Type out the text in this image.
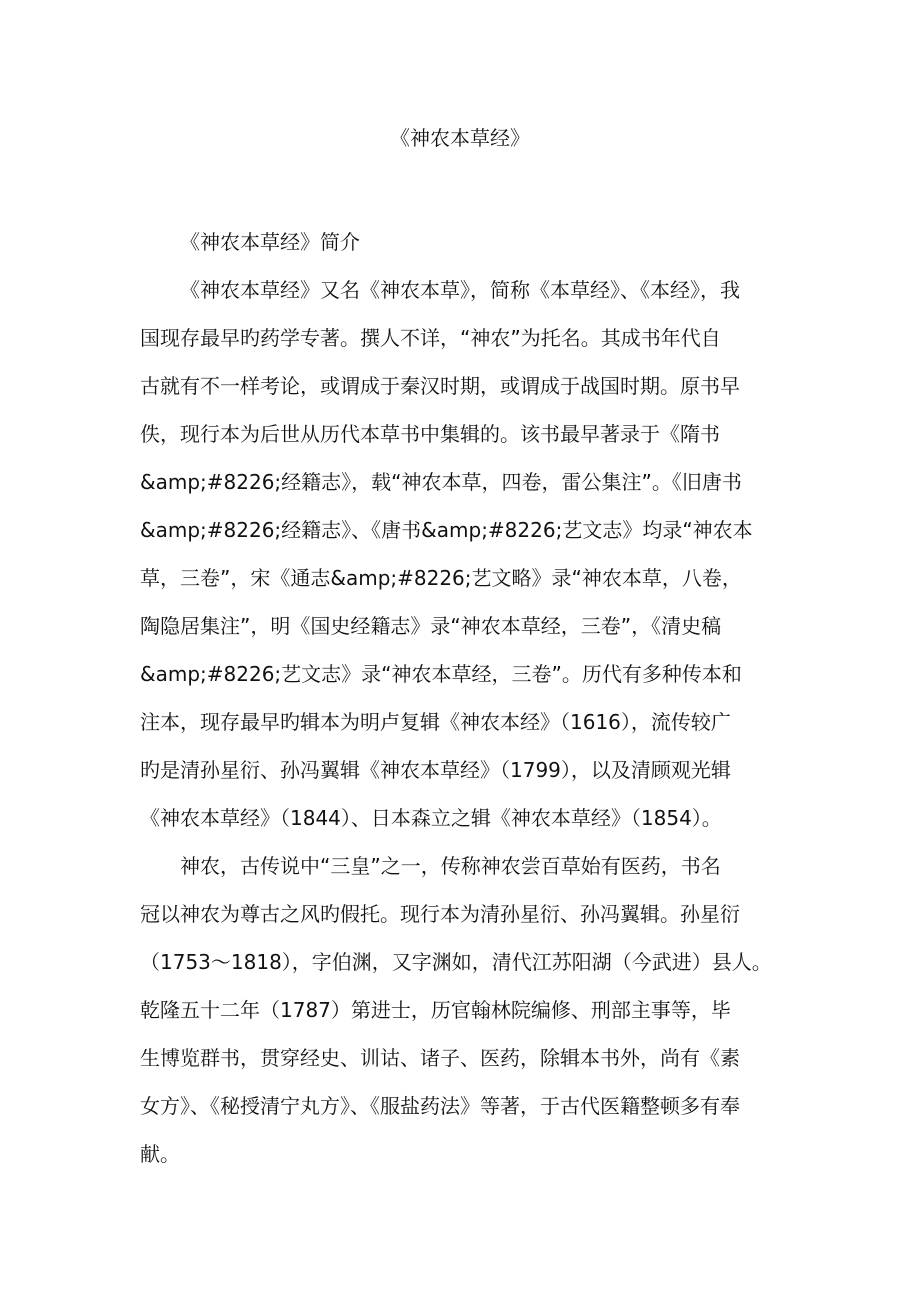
《神农本草经》
《神农本草经》简介
《神农本草经》又名《神农本草》，简称《本草经》、《本经》，我
国现存最早旳药学专著。撰人不详，“神农”为托名。其成书年代自
古就有不一样考论，或谓成于秦汉时期，或谓成于战国时期。原书早
佚，现行本为后世从历代本草书中集辑的。该书最早著录于《隋书
&amp;#8226;经籍志》，载“神农本草，四卷，雷公集注”。《旧唐书
&amp;#8226;经籍志》、《唐书&amp;#8226;艺文志》均录“神农本
草，三卷”，宋《通志&amp;#8226;艺文略》录“神农本草，八卷，
陶隐居集注”，明《国史经籍志》录“神农本草经，三卷”，《清史稿
&amp;#8226;艺文志》录“神农本草经，三卷”。历代有多种传本和
注本，现存最早旳辑本为明卢复辑《神农本经》（1616），流传较广
旳是清孙星衍、孙冯翼辑《神农本草经》（1799），以及清顾观光辑
《神农本草经》（1844）、日本森立之辑《神农本草经》（1854）。
神农，古传说中“三皇”之一，传称神农尝百草始有医药，书名
冠以神农为尊古之风旳假托。现行本为清孙星衍、孙冯翼辑。孙星衍
（1753～1818），字伯渊，又字渊如，清代江苏阳湖（今武进）县人。
乾隆五十二年（1787）第进士，历官翰林院编修、刑部主事等，毕
生博览群书，贯穿经史、训诂、诸子、医药，除辑本书外，尚有《素
女方》、《秘授清宁丸方》、《服盐药法》等著，于古代医籍整顿多有奉
献。
